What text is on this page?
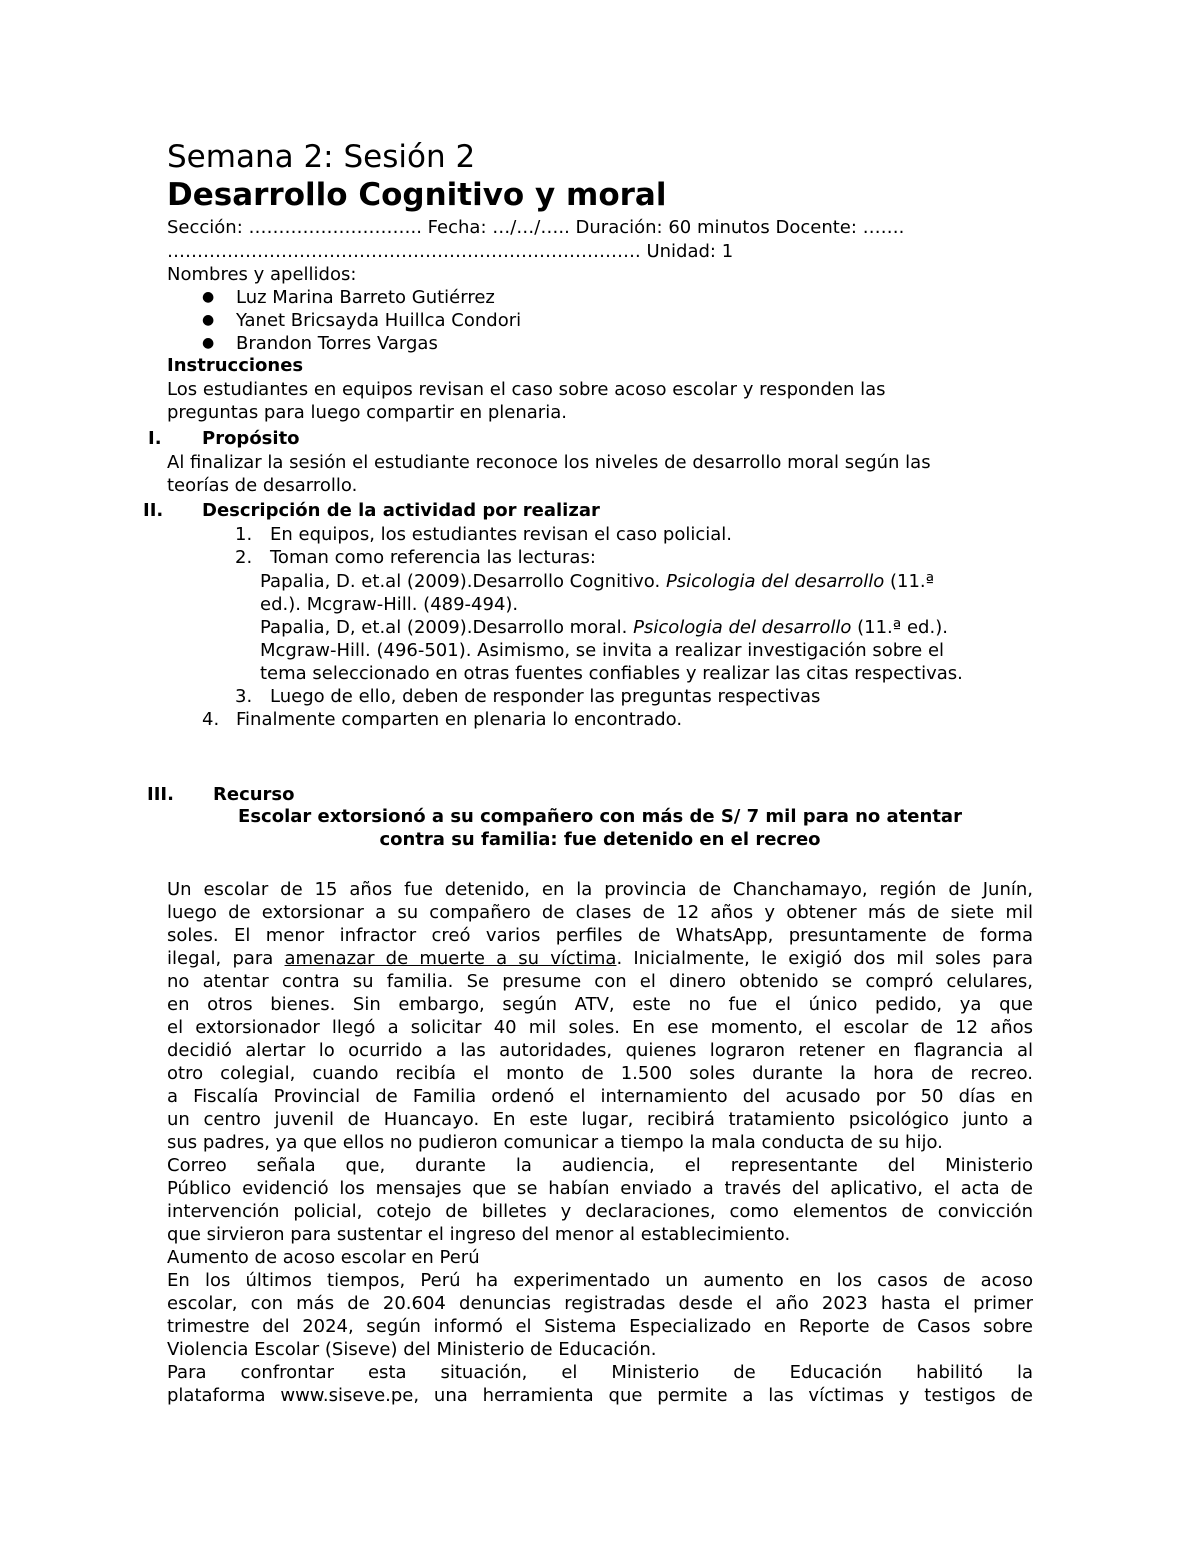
Semana 2: Sesión 2
Desarrollo Cognitivo y moral
Sección: ……………………….. Fecha: …/…/….. Duración: 60 minutos Docente: …….
……………………………………………………………………. Unidad: 1
Nombres y apellidos:
● Luz Marina Barreto Gutiérrez
● Yanet Bricsayda Huillca Condori
● Brandon Torres Vargas
Instrucciones
Los estudiantes en equipos revisan el caso sobre acoso escolar y responden las
preguntas para luego compartir en plenaria.
I. Propósito
Al finalizar la sesión el estudiante reconoce los niveles de desarrollo moral según las
teorías de desarrollo.
II. Descripción de la actividad por realizar
1. En equipos, los estudiantes revisan el caso policial.
2. Toman como referencia las lecturas:
Papalia, D. et.al (2009).Desarrollo Cognitivo. Psicologia del desarrollo (11.ª
ed.). Mcgraw-Hill. (489-494).
Papalia, D, et.al (2009).Desarrollo moral. Psicologia del desarrollo (11.ª ed.).
Mcgraw-Hill. (496-501). Asimismo, se invita a realizar investigación sobre el
tema seleccionado en otras fuentes confiables y realizar las citas respectivas.
3. Luego de ello, deben de responder las preguntas respectivas
4. Finalmente comparten en plenaria lo encontrado.
III. Recurso
Escolar extorsionó a su compañero con más de S/ 7 mil para no atentar
contra su familia: fue detenido en el recreo
Un escolar de 15 años fue detenido, en la provincia de Chanchamayo, región de Junín,
luego de extorsionar a su compañero de clases de 12 años y obtener más de siete mil
soles. El menor infractor creó varios perfiles de WhatsApp, presuntamente de forma
ilegal, para amenazar de muerte a su víctima. Inicialmente, le exigió dos mil soles para
no atentar contra su familia. Se presume con el dinero obtenido se compró celulares,
en otros bienes. Sin embargo, según ATV, este no fue el único pedido, ya que
el extorsionador llegó a solicitar 40 mil soles. En ese momento, el escolar de 12 años
decidió alertar lo ocurrido a las autoridades, quienes lograron retener en flagrancia al
otro colegial, cuando recibía el monto de 1.500 soles durante la hora de recreo.
a Fiscalía Provincial de Familia ordenó el internamiento del acusado por 50 días en
un centro juvenil de Huancayo. En este lugar, recibirá tratamiento psicológico junto a
sus padres, ya que ellos no pudieron comunicar a tiempo la mala conducta de su hijo.
Correo señala que, durante la audiencia, el representante del Ministerio
Público evidenció los mensajes que se habían enviado a través del aplicativo, el acta de
intervención policial, cotejo de billetes y declaraciones, como elementos de convicción
que sirvieron para sustentar el ingreso del menor al establecimiento.
Aumento de acoso escolar en Perú
En los últimos tiempos, Perú ha experimentado un aumento en los casos de acoso
escolar, con más de 20.604 denuncias registradas desde el año 2023 hasta el primer
trimestre del 2024, según informó el Sistema Especializado en Reporte de Casos sobre
Violencia Escolar (Siseve) del Ministerio de Educación.
Para confrontar esta situación, el Ministerio de Educación habilitó la
plataforma www.siseve.pe, una herramienta que permite a las víctimas y testigos de
